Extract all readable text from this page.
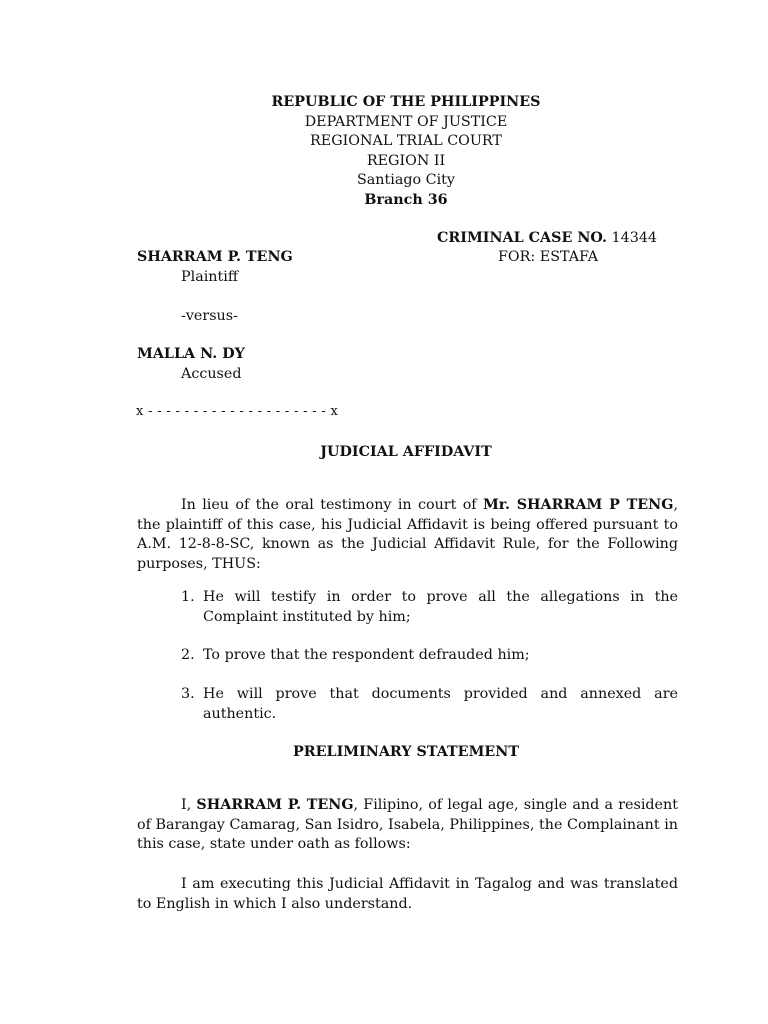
REPUBLIC OF THE PHILIPPINES
DEPARTMENT OF JUSTICE
REGIONAL TRIAL COURT
REGION II
Santiago City
Branch 36
CRIMINAL CASE NO. 14344
SHARRAM P. TENG	FOR: ESTAFA
Plaintiff
-versus-
MALLA N. DY
Accused
x - - - - - - - - - - - - - - - - - - - - x
JUDICIAL AFFIDAVIT
In lieu of the oral testimony in court of Mr. SHARRAM P TENG, the plaintiff of this case, his Judicial Affidavit is being offered pursuant to A.M. 12-8-8-SC, known as the Judicial Affidavit Rule, for the Following purposes, THUS:
1. He will testify in order to prove all the allegations in the Complaint instituted by him;
2. To prove that the respondent defrauded him;
3. He will prove that documents provided and annexed are authentic.
PRELIMINARY STATEMENT
I, SHARRAM P. TENG, Filipino, of legal age, single and a resident of Barangay Camarag, San Isidro, Isabela, Philippines, the Complainant in this case, state under oath as follows:
I am executing this Judicial Affidavit in Tagalog and was translated to English in which I also understand.
